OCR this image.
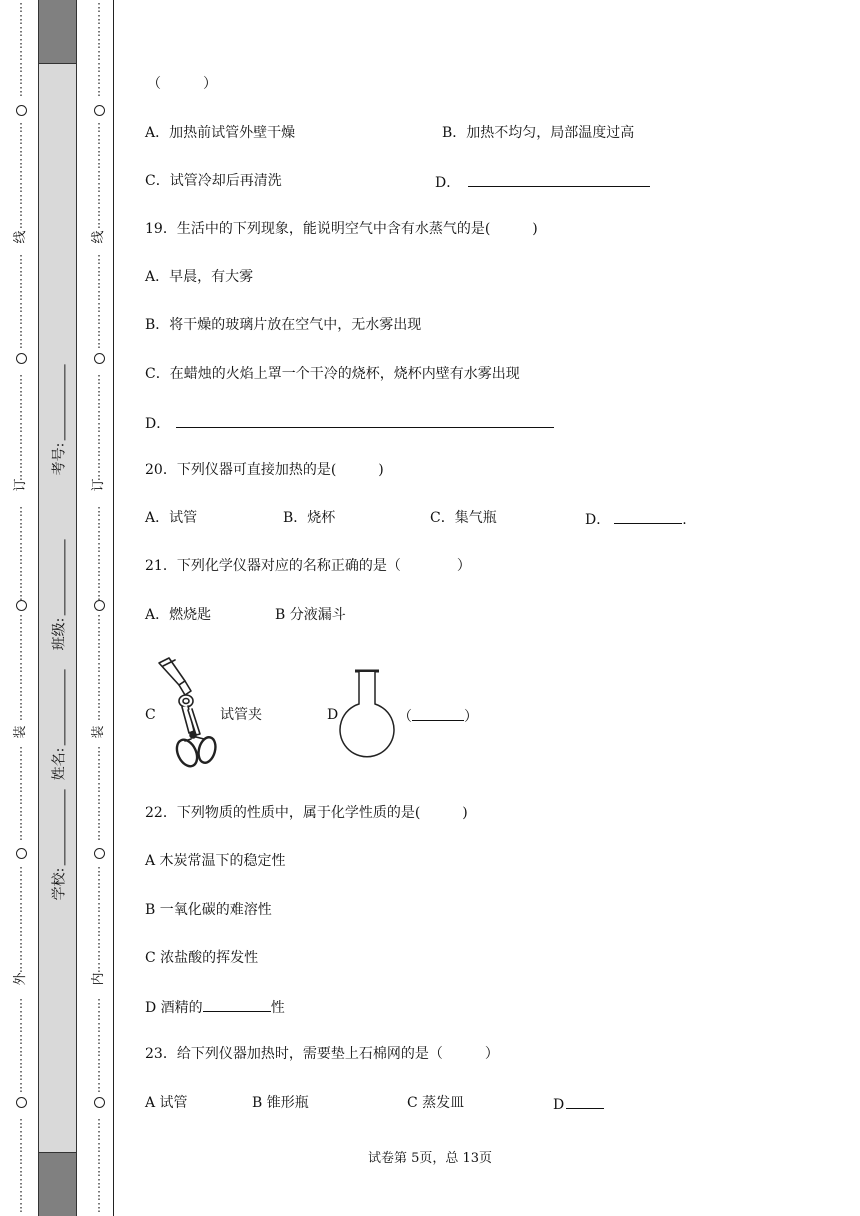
线
订
装
外
⋮
⋮
⋮
⋮
⋮
⋮
⋮
⋮
⋮
⋮
⋮
⋮
⋮
⋮
⋮
⋮
⋮
⋮
⋮
⋮
⋮
⋮
⋮
⋮
⋮
⋮
⋮
⋮
⋮
⋮
⋮
⋮
⋮
⋮
⋮
⋮
⋮
⋮
⋮
⋮
⋮
⋮
⋮
⋮
⋮
⋮
⋮
⋮
⋮
⋮
⋮
⋮
⋮
⋮
⋮
⋮
⋮
⋮
⋮
⋮
⋮
⋮
⋮
⋮
⋮
⋮
⋮
⋮
⋮
⋮
⋮
⋮
⋮
⋮
⋮
⋮
⋮
⋮
⋮
⋮
⋮
⋮
⋮
⋮
线
订
装
内
⋮
⋮
⋮
⋮
⋮
⋮
⋮
⋮
⋮
⋮
⋮
⋮
⋮
⋮
⋮
⋮
⋮
⋮
⋮
⋮
⋮
⋮
⋮
⋮
⋮
⋮
⋮
⋮
⋮
⋮
⋮
⋮
⋮
⋮
⋮
⋮
⋮
⋮
⋮
⋮
⋮
⋮
⋮
⋮
⋮
⋮
⋮
⋮
⋮
⋮
⋮
⋮
⋮
⋮
⋮
⋮
⋮
⋮
⋮
⋮
⋮
⋮
⋮
⋮
⋮
⋮
⋮
⋮
⋮
⋮
⋮
⋮
⋮
⋮
⋮
⋮
⋮
⋮
⋮
⋮
⋮
⋮
⋮
⋮
考号:
班级:
姓名:
学校:
（　　　）
A．加热前试管外壁干燥	B．加热不均匀，局部温度过高
C．试管冷却后再清洗	D．
19．生活中的下列现象，能说明空气中含有水蒸气的是(　　　)
A．早晨，有大雾
B．将干燥的玻璃片放在空气中，无水雾出现
C．在蜡烛的火焰上罩一个干冷的烧杯，烧杯内壁有水雾出现
D．
20．下列仪器可直接加热的是(　　　)
A．试管	B．烧杯	C．集气瓶	D．	.
21．下列化学仪器对应的名称正确的是（　　　　）
A．燃烧匙	B 分液漏斗
C	试管夹	D	（	）
22．下列物质的性质中，属于化学性质的是(　　　)
A 木炭常温下的稳定性
B 一氧化碳的难溶性
C 浓盐酸的挥发性
D 酒精的	性
23．给下列仪器加热时，需要垫上石棉网的是（　　　）
A 试管	B 锥形瓶	C 蒸发皿	D
试卷第 5页，总 13页
